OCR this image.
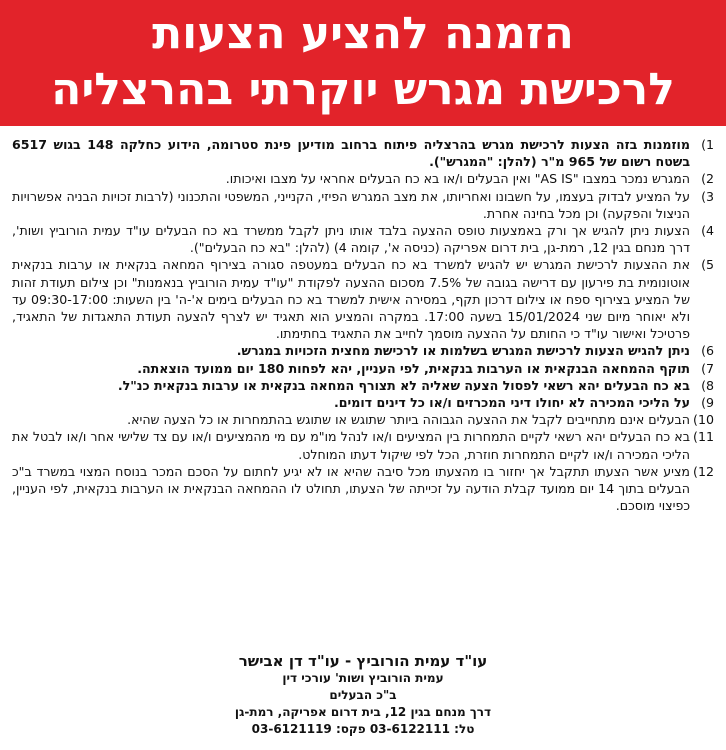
הזמנה להציע הצעות
לרכישת מגרש יוקרתי בהרצליה פיתוח	1)
מוזמנות בזה הצעות לרכישת מגרש בהרצליה פיתוח ברחוב מודיען פינת סטרומה, הידוע כחלקה 148 בגוש 6517 בשטח רשום של 965 מ"ר (להלן: "המגרש").
2)
המגרש נמכר במצבו "AS IS" ואין הבעלים ו/או בא כח הבעלים אחראי על מצבו ואיכותו.
3)
על המציע לבדוק בעצמו, על חשבונו ואחריותו, את מצב המגרש הפיזי, הקנייני, המשפטי והתכנוני (לרבות זכויות הבניה אפשרויות הניצול והפקעה) וכן מכל בחינה אחרת.
4)
הצעות ניתן להגיש אך ורק באמצעות טופס ההצעה בלבד אותו ניתן לקבל ממשרד בא כח הבעלים עו"ד עמית הורוביץ ושות', דרך מנחם בגין 12, רמת-גן, בית דרום אפריקה (כניסה א', קומה 4) (להלן: "בא כח הבעלים").
5)
את ההצעות לרכישת המגרש יש להגיש למשרד בא כח הבעלים במעטפה סגורה בצירוף המחאה בנקאית או ערבות בנקאית אוטונומית בת פירעון עם דרישה בגובה של 7.5% מסכום ההצעה לפקודת "עו"ד עמית הורוביץ בנאמנות" וכן צילום תעודת זהות של המציע בצירוף ספח או צילום דרכון תקף, במסירה אישית למשרד בא כח הבעלים בימים א'-ה' בין השעות: 09:30-17:00 עד ולא יאוחר מיום שני 15/01/2024 בשעה 17:00. במקרה והמציע הוא תאגיד יש לצרף להצעה תעודת התאגדות של התאגיד, פרטיכל ואישור עו"ד כי החותם על ההצעה מוסמך לחייב את התאגיד בחתימתו.
6)
ניתן להגיש הצעות לרכישת המגרש בשלמות או לרכישת מחצית הזכויות במגרש.
7)
תוקף ההמחאה הבנקאית או הערבות בנקאית, לפי העניין, יהא לפחות 180 יום ממועד הוצאתה.
8)
בא כח הבעלים יהא רשאי לפסול הצעה שאליה לא תצורף המחאה בנקאית או ערבות בנקאית כנ"ל.
9)
על הליכי המכירה לא יחולו דיני המכרזים ו/או כל דינים דומים.
10)
הבעלים אינם מתחייבים לקבל את ההצעה הגבוהה ביותר שתוגש או שתוגש בהתמחרות או כל הצעה שהיא.
11)
בא כח הבעלים יהא רשאי לקיים התמחרות בין המציעים ו/או לנהל מו"מ עם מי מהמציעים ו/או עם צד שלישי אחר ו/או לבטל את הליכי המכירה ו/או לקיים התמחרות חוזרת, הכל לפי שיקול דעתו המוחלט.
12)
מציע אשר הצעתו תתקבל אך יחזור בו מהצעתו מכל סיבה שהיא או לא יגיע לחתום על הסכם המכר בנוסח המצוי במשרד ב"כ הבעלים בתוך 14 יום ממועד קבלת הודעה על זכייתה של הצעתו, תחולט לו ההמחאה הבנקאית או הערבות בנקאית, לפי העניין, כפיצוי מוסכם.
עו"ד עמית הורוביץ - עו"ד דן אבישר
עמית הורוביץ ושות' עורכי דין
ב"כ הבעלים
דרך מנחם בגין 12, בית דרום אפריקה, רמת-גן
טל: 03-6122111 פקס: 03-6121119
